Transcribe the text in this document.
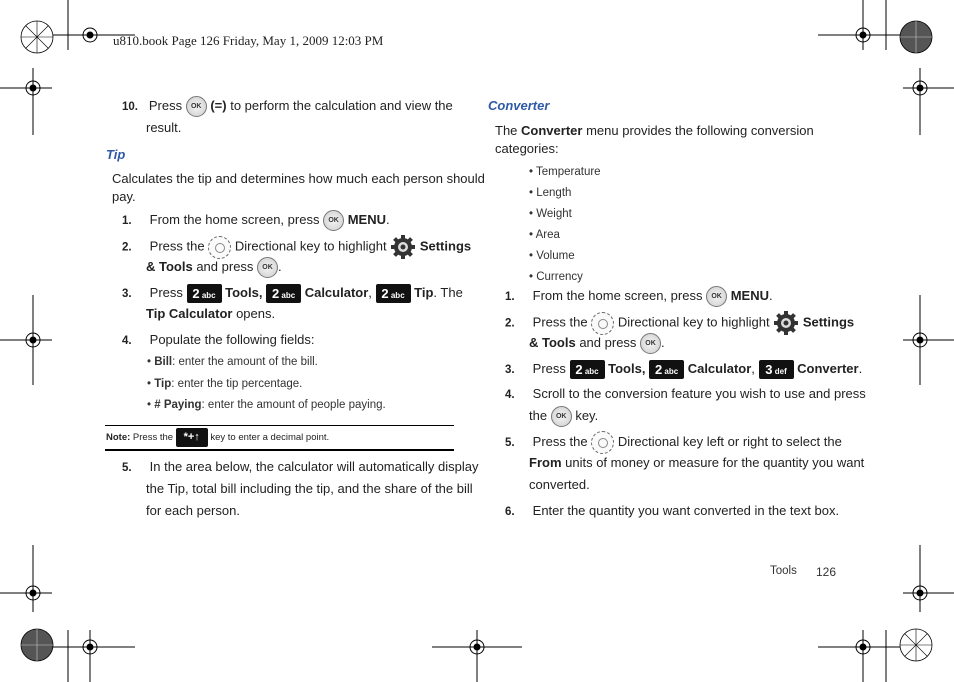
u810.book Page 126 Friday, May 1, 2009 12:03 PM
10. Press OK (=) to perform the calculation and view the
result.
Tip
Calculates the tip and determines how much each person should
pay.
1. From the home screen, press OK MENU.
2. Press the Directional key to highlight	Settings
& Tools and press OK .
3. Press 2 abc Tools, 2 abc Calculator, 2 abc Tip. The
Tip Calculator opens.
4. Populate the following fields:
• Bill: enter the amount of the bill.
• Tip: enter the tip percentage.
• # Paying: enter the amount of people paying.
Note: Press the *+↑ key to enter a decimal point.
5. In the area below, the calculator will automatically display
the Tip, total bill including the tip, and the share of the bill
for each person.
Converter
The Converter menu provides the following conversion
categories:
• Temperature
• Length
• Weight
• Area
• Volume
• Currency
1. From the home screen, press OK MENU.
2. Press the Directional key to highlight	Settings
& Tools and press OK .
3. Press 2 abc Tools, 2 abc Calculator, 3 def Converter.
4. Scroll to the conversion feature you wish to use and press
the OK key.
5. Press the Directional key left or right to select the
From units of money or measure for the quantity you want
converted.
6. Enter the quantity you want converted in the text box.
Tools 126
